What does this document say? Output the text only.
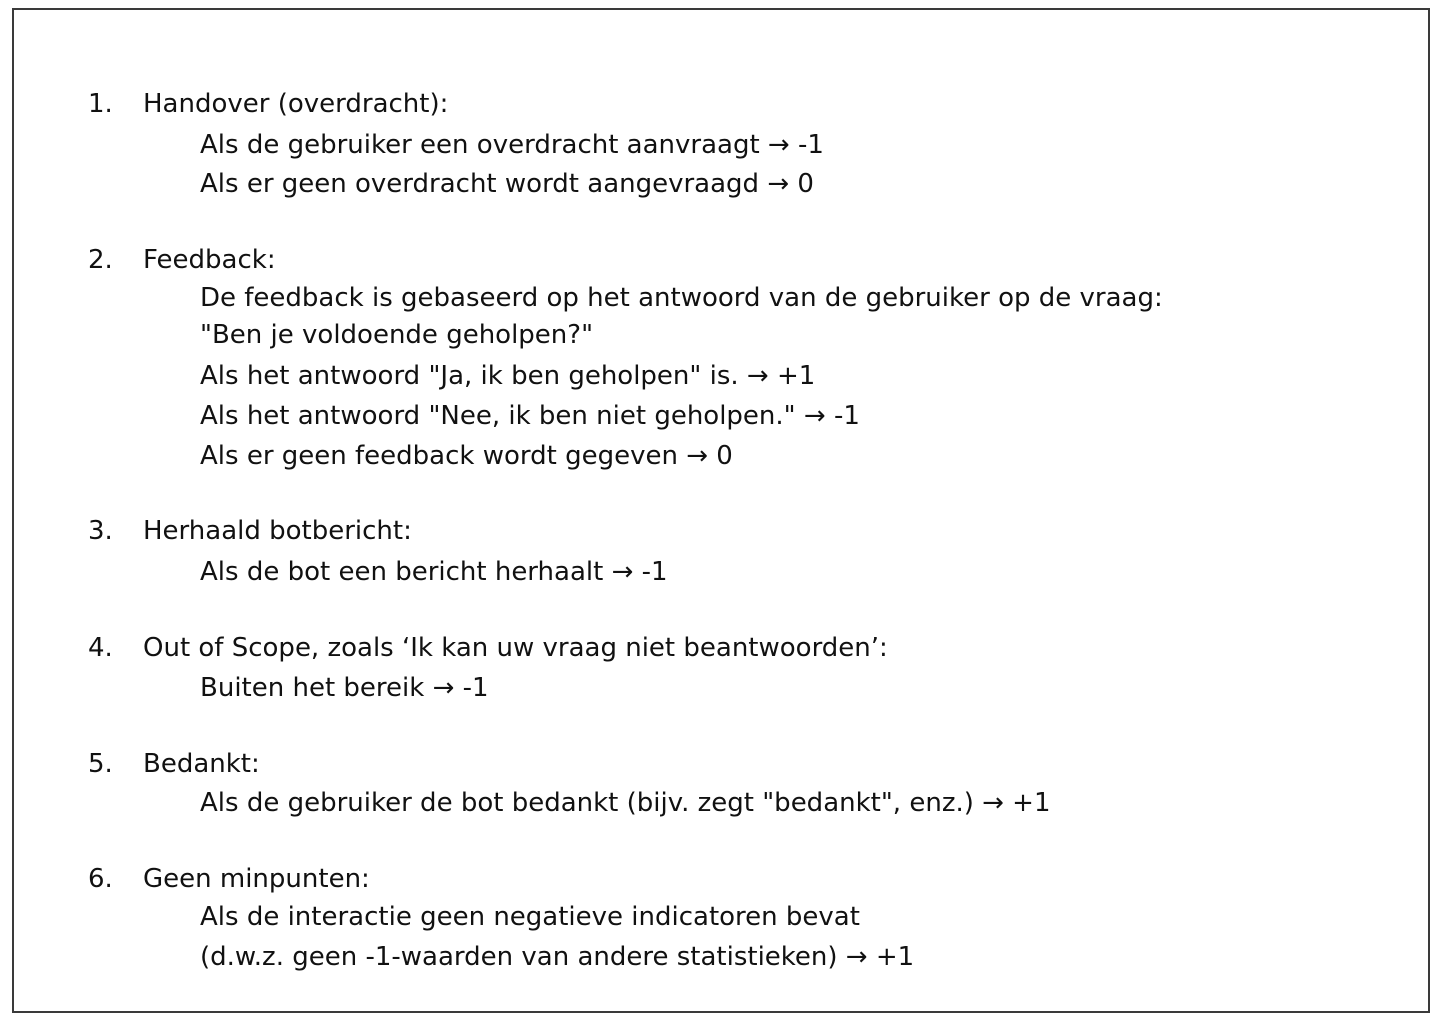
1. Handover (overdracht):
Als de gebruiker een overdracht aanvraagt → -1
Als er geen overdracht wordt aangevraagd → 0
2. Feedback:
De feedback is gebaseerd op het antwoord van de gebruiker op de vraag:
"Ben je voldoende geholpen?"
Als het antwoord "Ja, ik ben geholpen" is. → +1
Als het antwoord "Nee, ik ben niet geholpen." → -1
Als er geen feedback wordt gegeven → 0
3. Herhaald botbericht:
Als de bot een bericht herhaalt → -1
4. Out of Scope, zoals ‘Ik kan uw vraag niet beantwoorden’:
Buiten het bereik → -1
5. Bedankt:
Als de gebruiker de bot bedankt (bijv. zegt "bedankt", enz.) → +1
6. Geen minpunten:
Als de interactie geen negatieve indicatoren bevat
(d.w.z. geen -1-waarden van andere statistieken) → +1
